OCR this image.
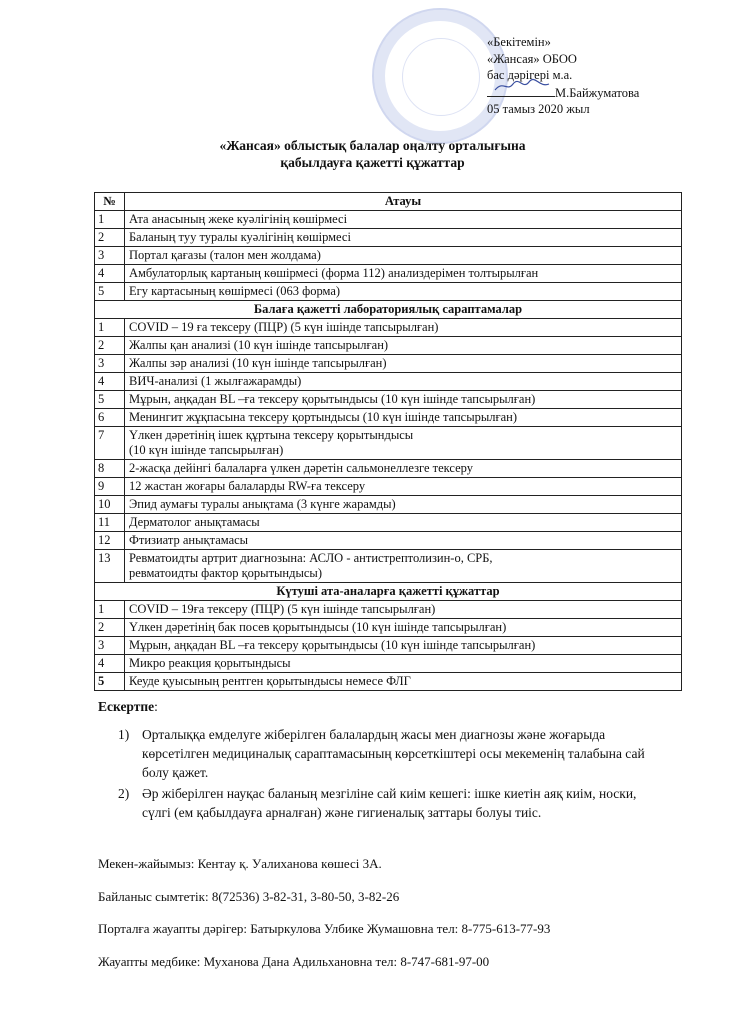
«Бекітемін»
«Жансая» ОБОО
бас дәрігері м.а.
М.Байжуматова
05 тамыз 2020 жыл
«Жансая» облыстық балалар оңалту орталығына
қабылдауға қажетті құжаттар
№	Атауы
1	Ата анасының жеке куәлігінің көшірмесі
2	Баланың туу туралы куәлігінің көшірмесі
3	Портал қағазы (талон мен жолдама)
4	Амбулаторлық картаның көшірмесі (форма 112) анализдерімен толтырылған
5	Егу картасының көшірмесі (063 форма)
Балаға қажетті лабораториялық сараптамалар	
1	COVID – 19 ға тексеру (ПЦР) (5 күн ішінде тапсырылған)
2	Жалпы қан анализі (10 күн ішінде тапсырылған)
3	Жалпы зәр анализі (10 күн ішінде тапсырылған)
4	ВИЧ-анализі (1 жылғажарамды)
5	Мұрын, аңқадан BL –ға тексеру қорытындысы (10 күн ішінде тапсырылған)
6	Менингит жұқпасына тексеру қортындысы (10 күн ішінде тапсырылған)
7	Үлкен дәретінің ішек құртына тексеру қорытындысы
(10 күн ішінде тапсырылған)

8	2-жасқа дейінгі балаларға үлкен дәретін сальмонеллезге тексеру
9	12 жастан жоғары балаларды RW-ға тексеру
10	Эпид аумағы туралы анықтама (3 күнге жарамды)
11	Дерматолог анықтамасы
12	Фтизиатр анықтамасы
13	Ревматоидты артрит диагнозына: АСЛО - антистрептолизин-о, СРБ,
ревматоидты фактор қорытындысы)

Күтуші ата-аналарға қажетті құжаттар	
1	COVID – 19ға тексеру (ПЦР) (5 күн ішінде тапсырылған)
2	Үлкен дәретінің бак посев қорытындысы (10 күн ішінде тапсырылған)
3	Мұрын, аңқадан BL –ға тексеру қорытындысы (10 күн ішінде тапсырылған)
4	Микро реакция қорытындысы
5	Кеуде қуысының рентген қорытындысы немесе ФЛГ
Ескертпе:
1) Орталыққа емделуге жіберілген балалардың жасы мен диагнозы және жоғарыда көрсетілген медициналық сараптамасының көрсеткіштері осы мекеменің талабына сай болу қажет.
2) Әр жіберілген науқас баланың мезгіліне сай киім кешегі: ішке киетін аяқ киім, носки, сүлгі (ем қабылдауға арналған) және гигиеналық заттары болуы тиіс.
Мекен-жайымыз: Кентау қ. Уалиханова көшесі 3А.
Байланыс сымтетік: 8(72536) 3-82-31, 3-80-50, 3-82-26
Порталға жауапты дәрігер: Батыркулова Улбике Жумашовна тел: 8-775-613-77-93
Жауапты медбике: Муханова Дана Адильхановна тел: 8-747-681-97-00
